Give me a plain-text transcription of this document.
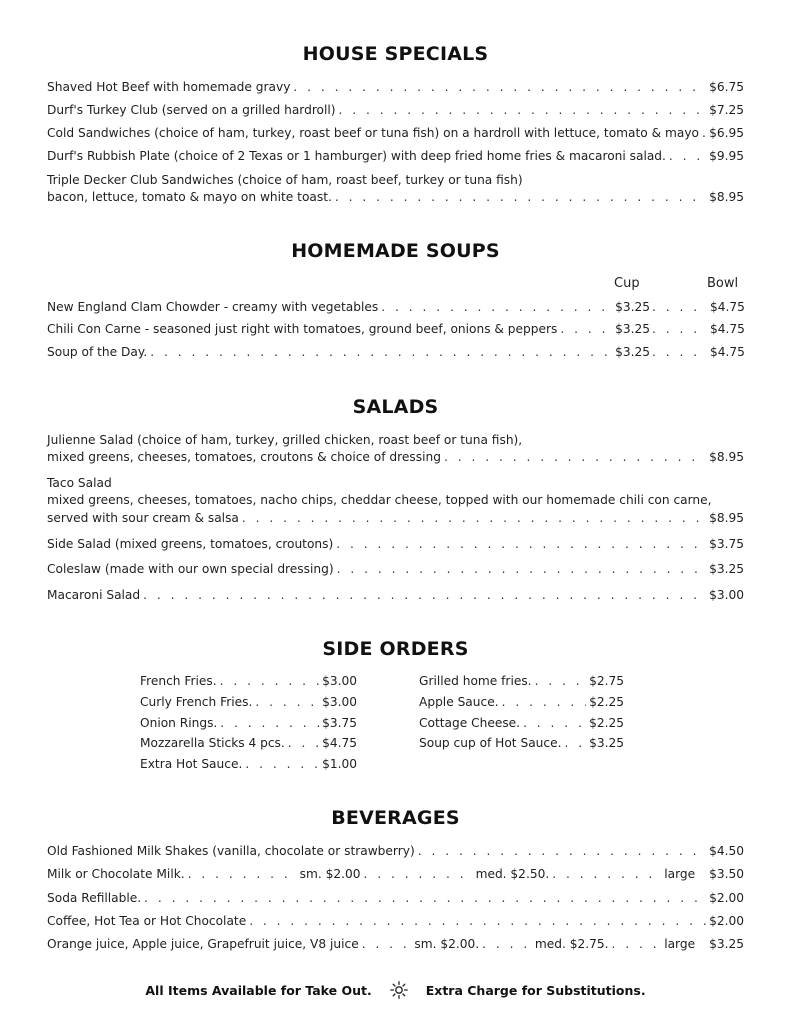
HOUSE SPECIALS
Shaved Hot Beef with homemade gravy . . .	$6.75
Durf's Turkey Club (served on a grilled hardroll) . . .	$7.25
Cold Sandwiches (choice of ham, turkey, roast beef or tuna fish) on a hardroll with lettuce, tomato & mayo . . . $6.95
Durf's Rubbish Plate (choice of 2 Texas or 1 hamburger) with deep fried home fries & macaroni salad. . . .	$9.95
Triple Decker Club Sandwiches (choice of ham, roast beef, turkey or tuna fish)
bacon, lettuce, tomato & mayo on white toast. . . .	$8.95
HOMEMADE SOUPS
Cup	Bowl
New England Clam Chowder - creamy with vegetables . . .	$3.25 . . .	$4.75
Chili Con Carne - seasoned just right with tomatoes, ground beef, onions & peppers . . .	$3.25 . . .	$4.75
Soup of the Day. . . .	$3.25 . . .	$4.75
SALADS
Julienne Salad (choice of ham, turkey, grilled chicken, roast beef or tuna fish),
mixed greens, cheeses, tomatoes, croutons & choice of dressing . . .	$8.95
Taco Salad
mixed greens, cheeses, tomatoes, nacho chips, cheddar cheese, topped with our homemade chili con carne,
served with sour cream & salsa . . .	$8.95
Side Salad (mixed greens, tomatoes, croutons) . . .	$3.75
Coleslaw (made with our own special dressing) . . .	$3.25
Macaroni Salad . . .	$3.00
SIDE ORDERS
French Fries. . . .	$3.00
Curly French Fries. . . .	$3.00
Onion Rings. . . .	$3.75
Mozzarella Sticks 4 pcs. . . .	$4.75
Extra Hot Sauce. . . .	$1.00
Grilled home fries. . . .	$2.75
Apple Sauce. . . .	$2.25
Cottage Cheese. . . .	$2.25
Soup cup of Hot Sauce. . . . $3.25
BEVERAGES
Old Fashioned Milk Shakes (vanilla, chocolate or strawberry) . . .	$4.50
Milk or Chocolate Milk. . . .	sm. $2.00 . . .	med. $2.50. . . .	large $3.50
Soda Refillable. . . .	$2.00
Coffee, Hot Tea or Hot Chocolate . . .	$2.00
Orange juice, Apple juice, Grapefruit juice, V8 juice . . .	sm. $2.00. . . .	med. $2.75. . . .	large $3.25
All Items Available for Take Out.	Extra Charge for Substitutions.
